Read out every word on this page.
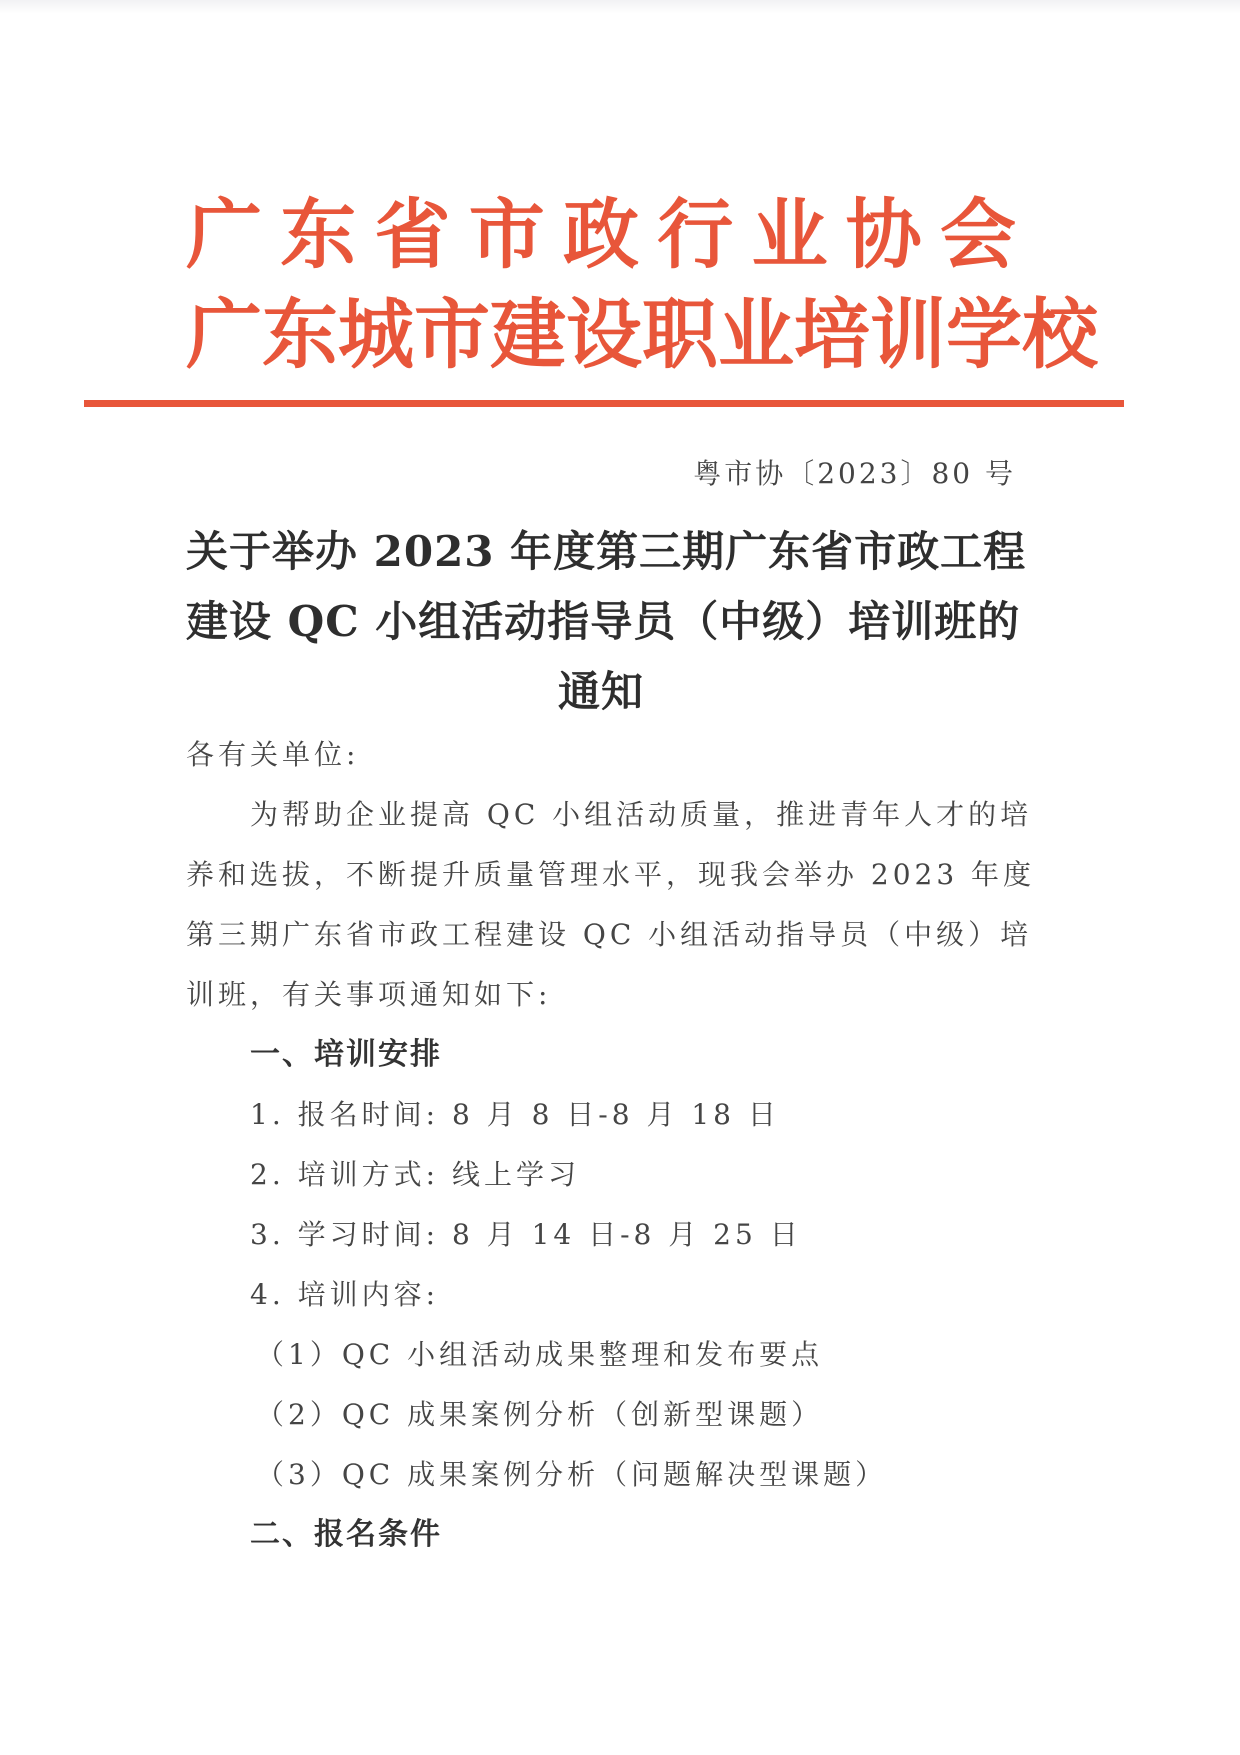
广 东 省 市 政 行 业 协 会
广 东 城 市 建 设 职 业 培 训 学 校
粤市协〔2023〕80 号
关于举办 2023 年度第三期广东省市政工程
建设 QC 小组活动指导员（中级）培训班的
通知
各有关单位:
为帮助企业提高 QC 小组活动质量，推进青年人才的培
养和选拔，不断提升质量管理水平，现我会举办 2023 年度
第三期广东省市政工程建设 QC 小组活动指导员（中级）培
训班，有关事项通知如下:
一、培训安排
1. 报名时间: 8 月 8 日-8 月 18 日
2. 培训方式: 线上学习
3. 学习时间: 8 月 14 日-8 月 25 日
4. 培训内容:
（1）QC 小组活动成果整理和发布要点
（2）QC 成果案例分析（创新型课题）
（3）QC 成果案例分析（问题解决型课题）
二、报名条件
